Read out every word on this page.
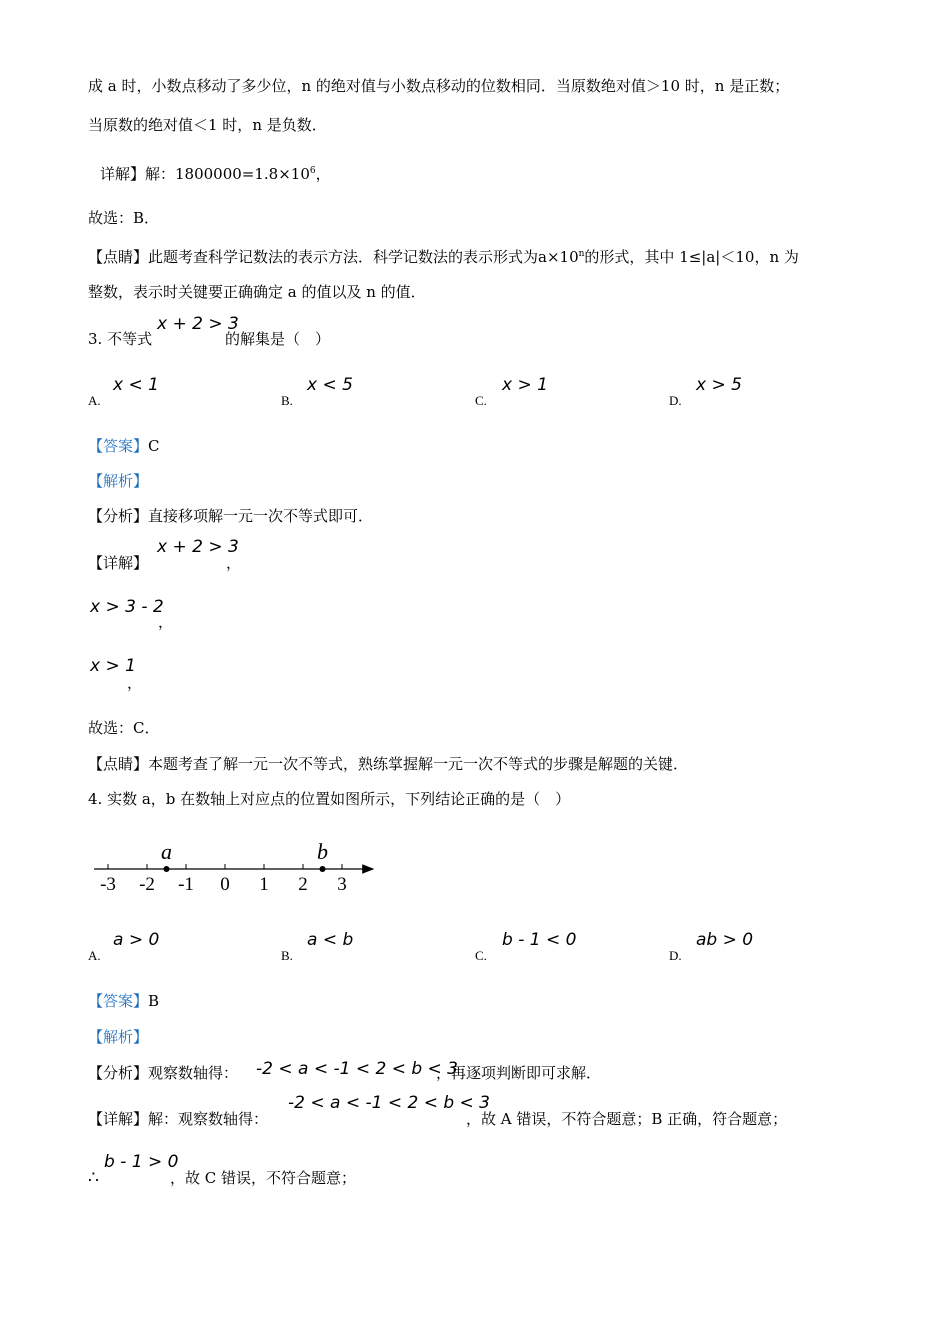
成 a 时，小数点移动了多少位，n 的绝对值与小数点移动的位数相同．当原数绝对值＞10 时，n 是正数；
当原数的绝对值＜1 时，n 是负数．
详解】解：$1800000=1.8\times 10^6$，
故选：B．
【点睛】此题考查科学记数法的表示方法．科学记数法的表示形式为$a\times 10^n$的形式，其中 1≤|a|＜10，n 为
整数，表示时关键要正确确定 a 的值以及 n 的值．
3. 不等式
x + 2 > 3
的解集是（　）
A.
x < 1
B.
x < 5
C.
x > 1
D.
x > 5
【答案】C
【解析】
【分析】直接移项解一元一次不等式即可．
【详解】
x + 2 > 3
，
x > 3 - 2
，
x > 1
，
故选：C．
【点睛】本题考查了解一元一次不等式，熟练掌握解一元一次不等式的步骤是解题的关键．
4. 实数 a，b 在数轴上对应点的位置如图所示，下列结论正确的是（　）
-3 -2 -1 0 1 2 3
a	b
A.
a > 0
B.
a < b
C.
b - 1 < 0
D.
ab > 0
【答案】B
【解析】
【分析】观察数轴得： -2 < a < -1 < 2 < b < 3
，再逐项判断即可求解．
【详解】解：观察数轴得：
-2 < a < -1 < 2 < b < 3
，故 A 错误，不符合题意；B 正确，符合题意；
∴
b - 1 > 0
，故 C 错误，不符合题意；
